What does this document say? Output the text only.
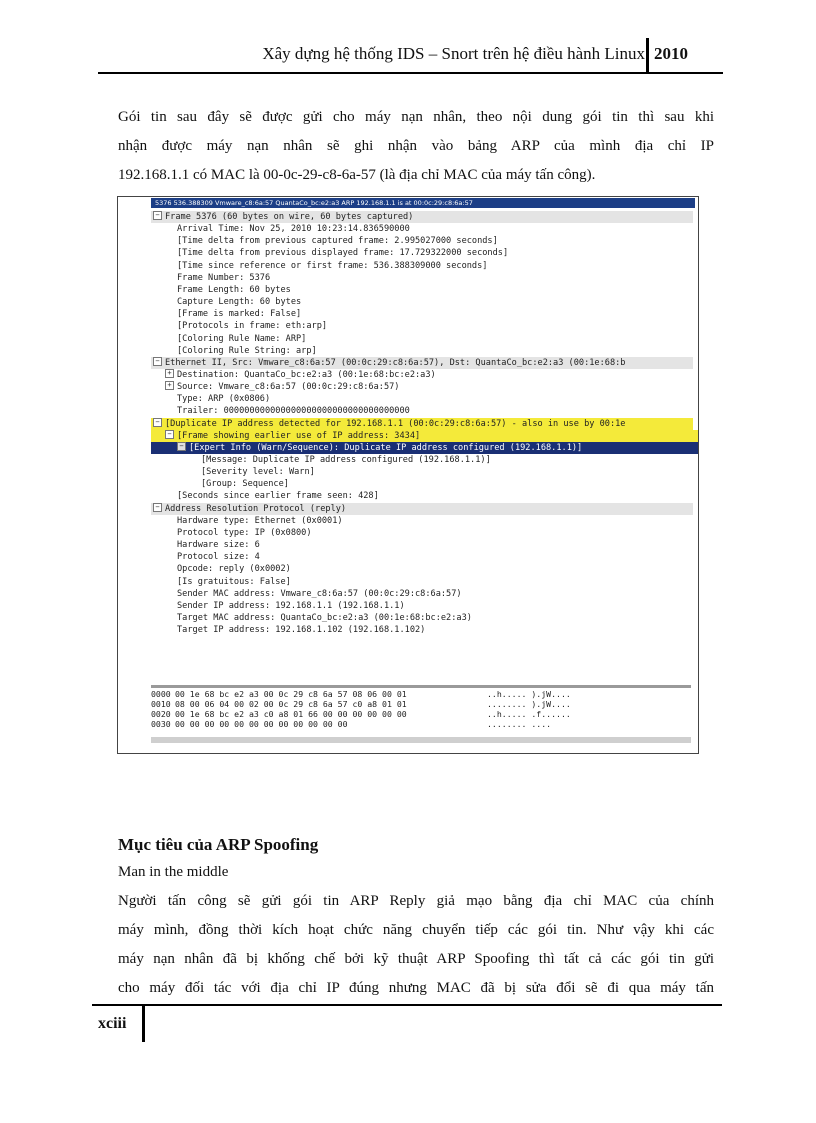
Xây dựng hệ thống IDS – Snort trên hệ điều hành Linux 2010

Gói tin sau đây sẽ được gửi cho máy nạn nhân, theo nội dung gói tin thì sau khi
nhận được máy nạn nhân sẽ ghi nhận vào bảng ARP của mình địa chỉ IP
192.168.1.1 có MAC là 00-0c-29-c8-6a-57 (là địa chỉ MAC của máy tấn công).

5376 536.388309 Vmware_c8:6a:57 QuantaCo_bc:e2:a3 ARP 192.168.1.1 is at 00:0c:29:c8:6a:57
− Frame 5376 (60 bytes on wire, 60 bytes captured)
Arrival Time: Nov 25, 2010 10:23:14.836590000
[Time delta from previous captured frame: 2.995027000 seconds]
[Time delta from previous displayed frame: 17.729322000 seconds]
[Time since reference or first frame: 536.388309000 seconds]
Frame Number: 5376
Frame Length: 60 bytes
Capture Length: 60 bytes
[Frame is marked: False]
[Protocols in frame: eth:arp]
[Coloring Rule Name: ARP]
[Coloring Rule String: arp]
− Ethernet II, Src: Vmware_c8:6a:57 (00:0c:29:c8:6a:57), Dst: QuantaCo_bc:e2:a3 (00:1e:68:b
+ Destination: QuantaCo_bc:e2:a3 (00:1e:68:bc:e2:a3)
+ Source: Vmware_c8:6a:57 (00:0c:29:c8:6a:57)
Type: ARP (0x0806)
Trailer: 000000000000000000000000000000000000
− [Duplicate IP address detected for 192.168.1.1 (00:0c:29:c8:6a:57) - also in use by 00:1e
− [Frame showing earlier use of IP address: 3434]
− [Expert Info (Warn/Sequence): Duplicate IP address configured (192.168.1.1)]
[Message: Duplicate IP address configured (192.168.1.1)]
[Severity level: Warn]
[Group: Sequence]
[Seconds since earlier frame seen: 428]
− Address Resolution Protocol (reply)
Hardware type: Ethernet (0x0001)
Protocol type: IP (0x0800)
Hardware size: 6
Protocol size: 4
Opcode: reply (0x0002)
[Is gratuitous: False]
Sender MAC address: Vmware_c8:6a:57 (00:0c:29:c8:6a:57)
Sender IP address: 192.168.1.1 (192.168.1.1)
Target MAC address: QuantaCo_bc:e2:a3 (00:1e:68:bc:e2:a3)
Target IP address: 192.168.1.102 (192.168.1.102)
0000 00 1e 68 bc e2 a3 00 0c 29 c8 6a 57 08 06 00 01	..h..... ).jW....
0010 08 00 06 04 00 02 00 0c 29 c8 6a 57 c0 a8 01 01	........ ).jW....
0020 00 1e 68 bc e2 a3 c0 a8 01 66 00 00 00 00 00 00	..h..... .f......
0030 00 00 00 00 00 00 00 00 00 00 00 00	........ ....
Mục tiêu của ARP Spoofing

Man in the middle
Người tấn công sẽ gửi gói tin ARP Reply giả mạo bằng địa chỉ MAC của chính
máy mình, đồng thời kích hoạt chức năng chuyển tiếp các gói tin. Như vậy khi các
máy nạn nhân đã bị khống chế bởi kỹ thuật ARP Spoofing thì tất cả các gói tin gửi
cho máy đối tác với địa chỉ IP đúng nhưng MAC đã bị sửa đổi sẽ đi qua máy tấn

xciii
